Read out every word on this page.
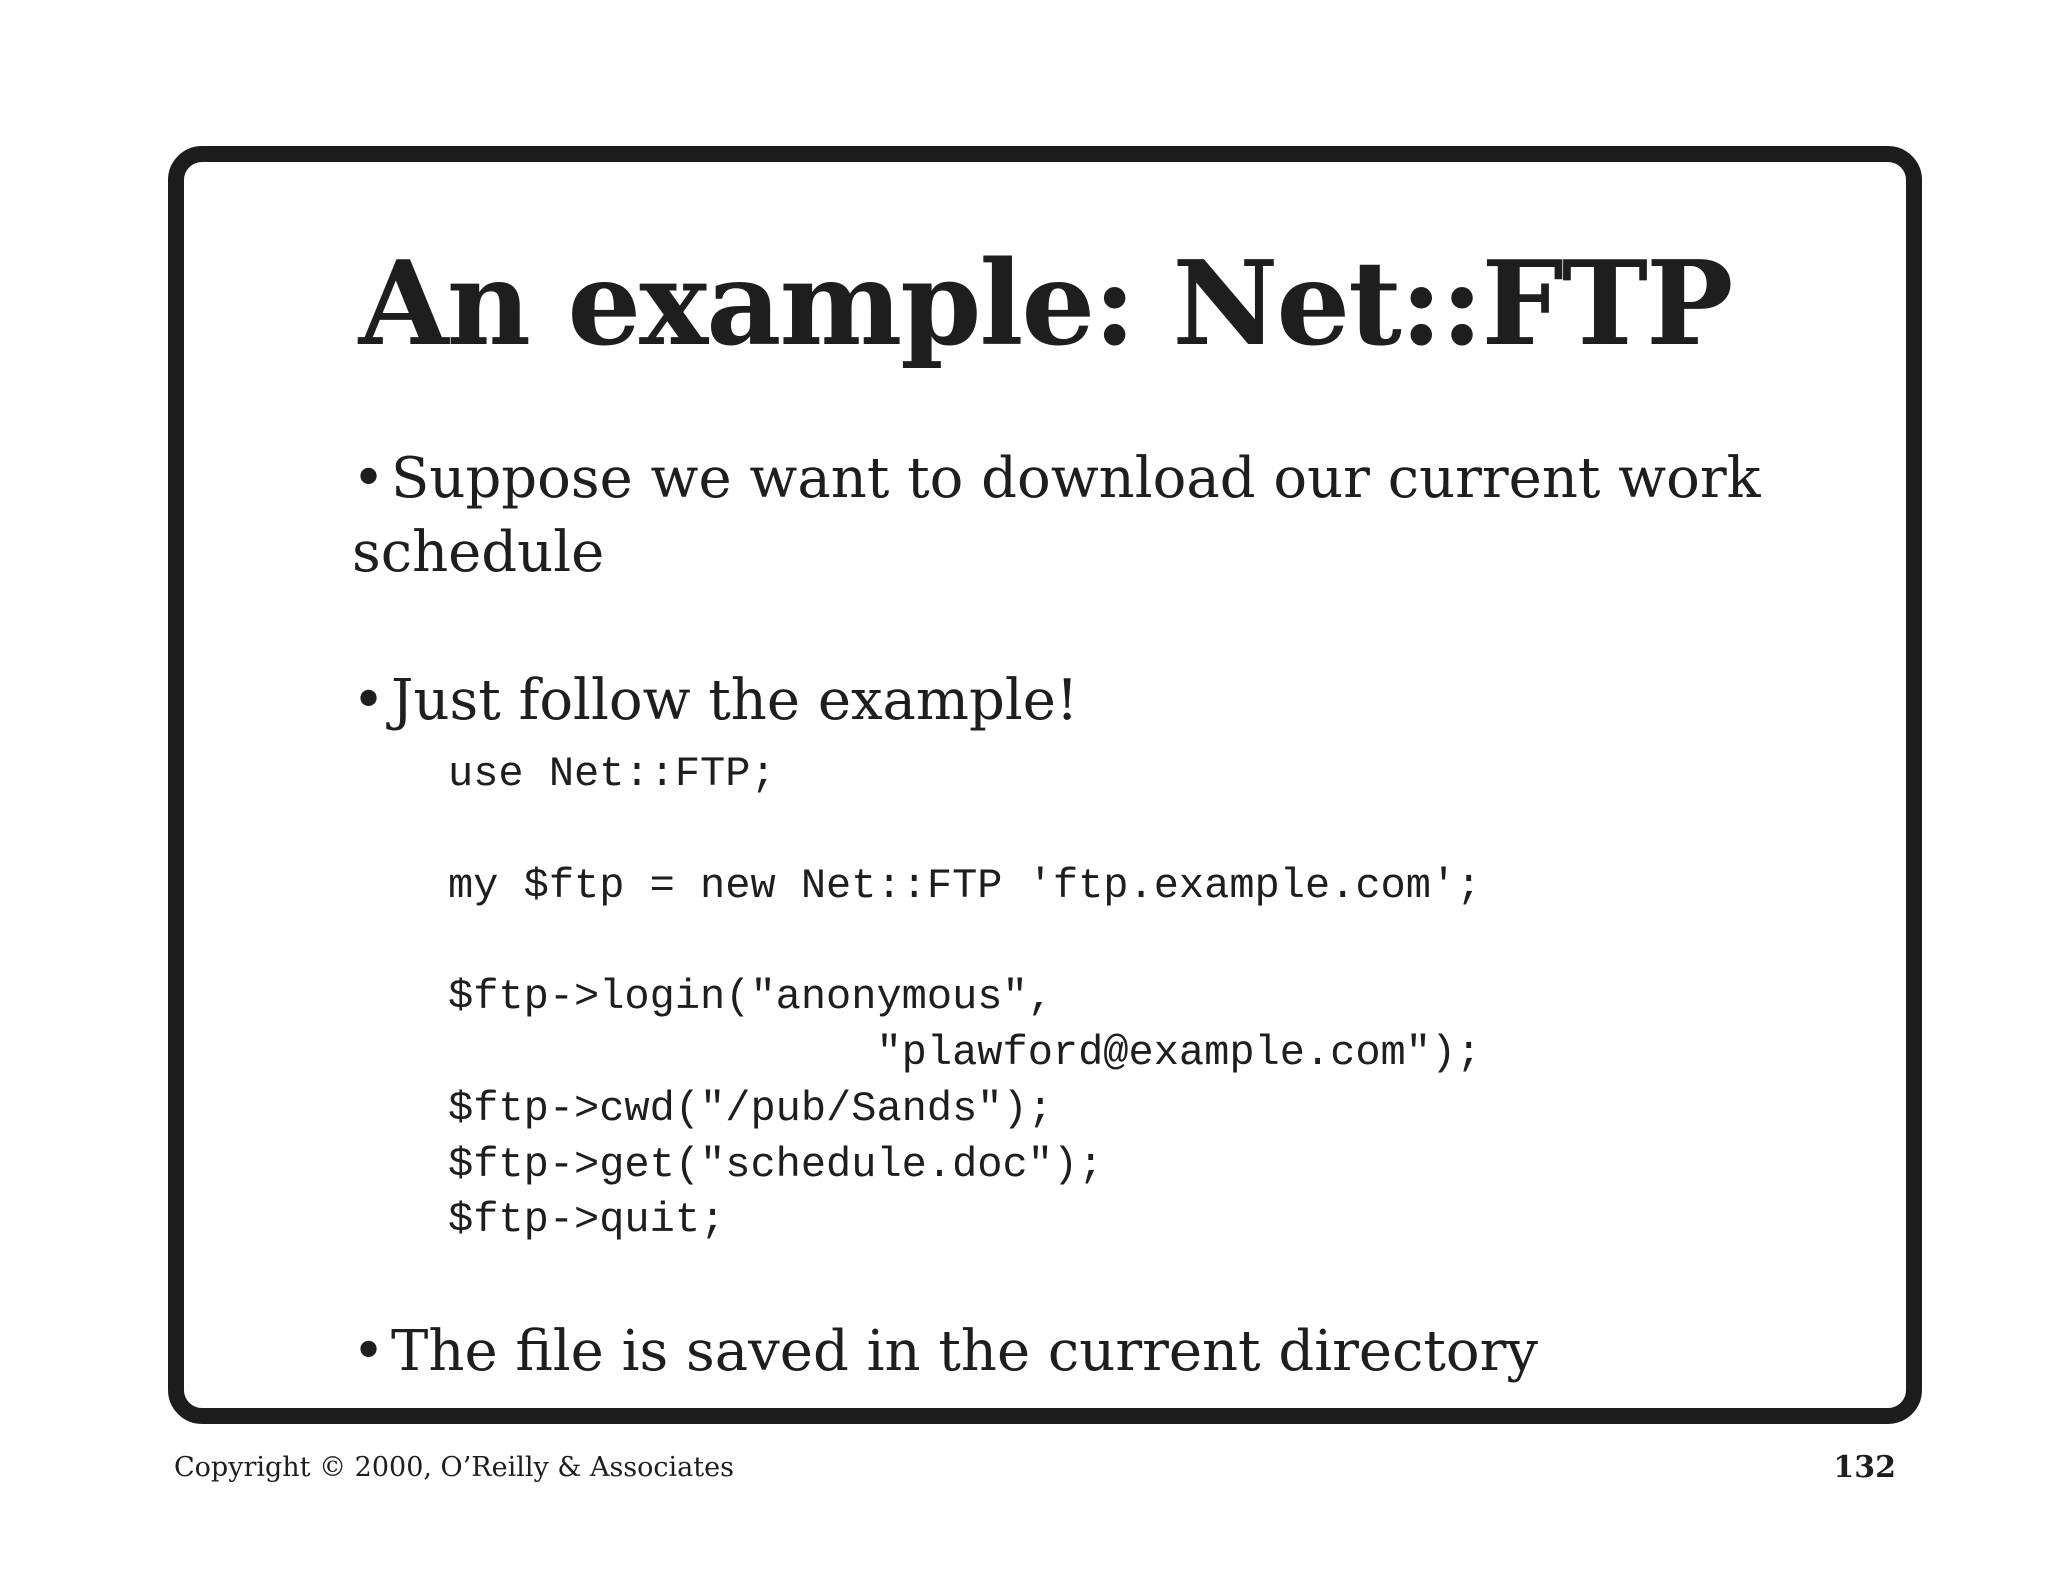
An example: Net::FTP
• Suppose we want to download our current work
schedule
• Just follow the example!
use Net::FTP;

my $ftp = new Net::FTP 'ftp.example.com';

$ftp->login("anonymous",
"plawford@example.com");
$ftp->cwd("/pub/Sands");
$ftp->get("schedule.doc");
$ftp->quit;
• The file is saved in the current directory
Copyright © 2000, O’Reilly & Associates	132
